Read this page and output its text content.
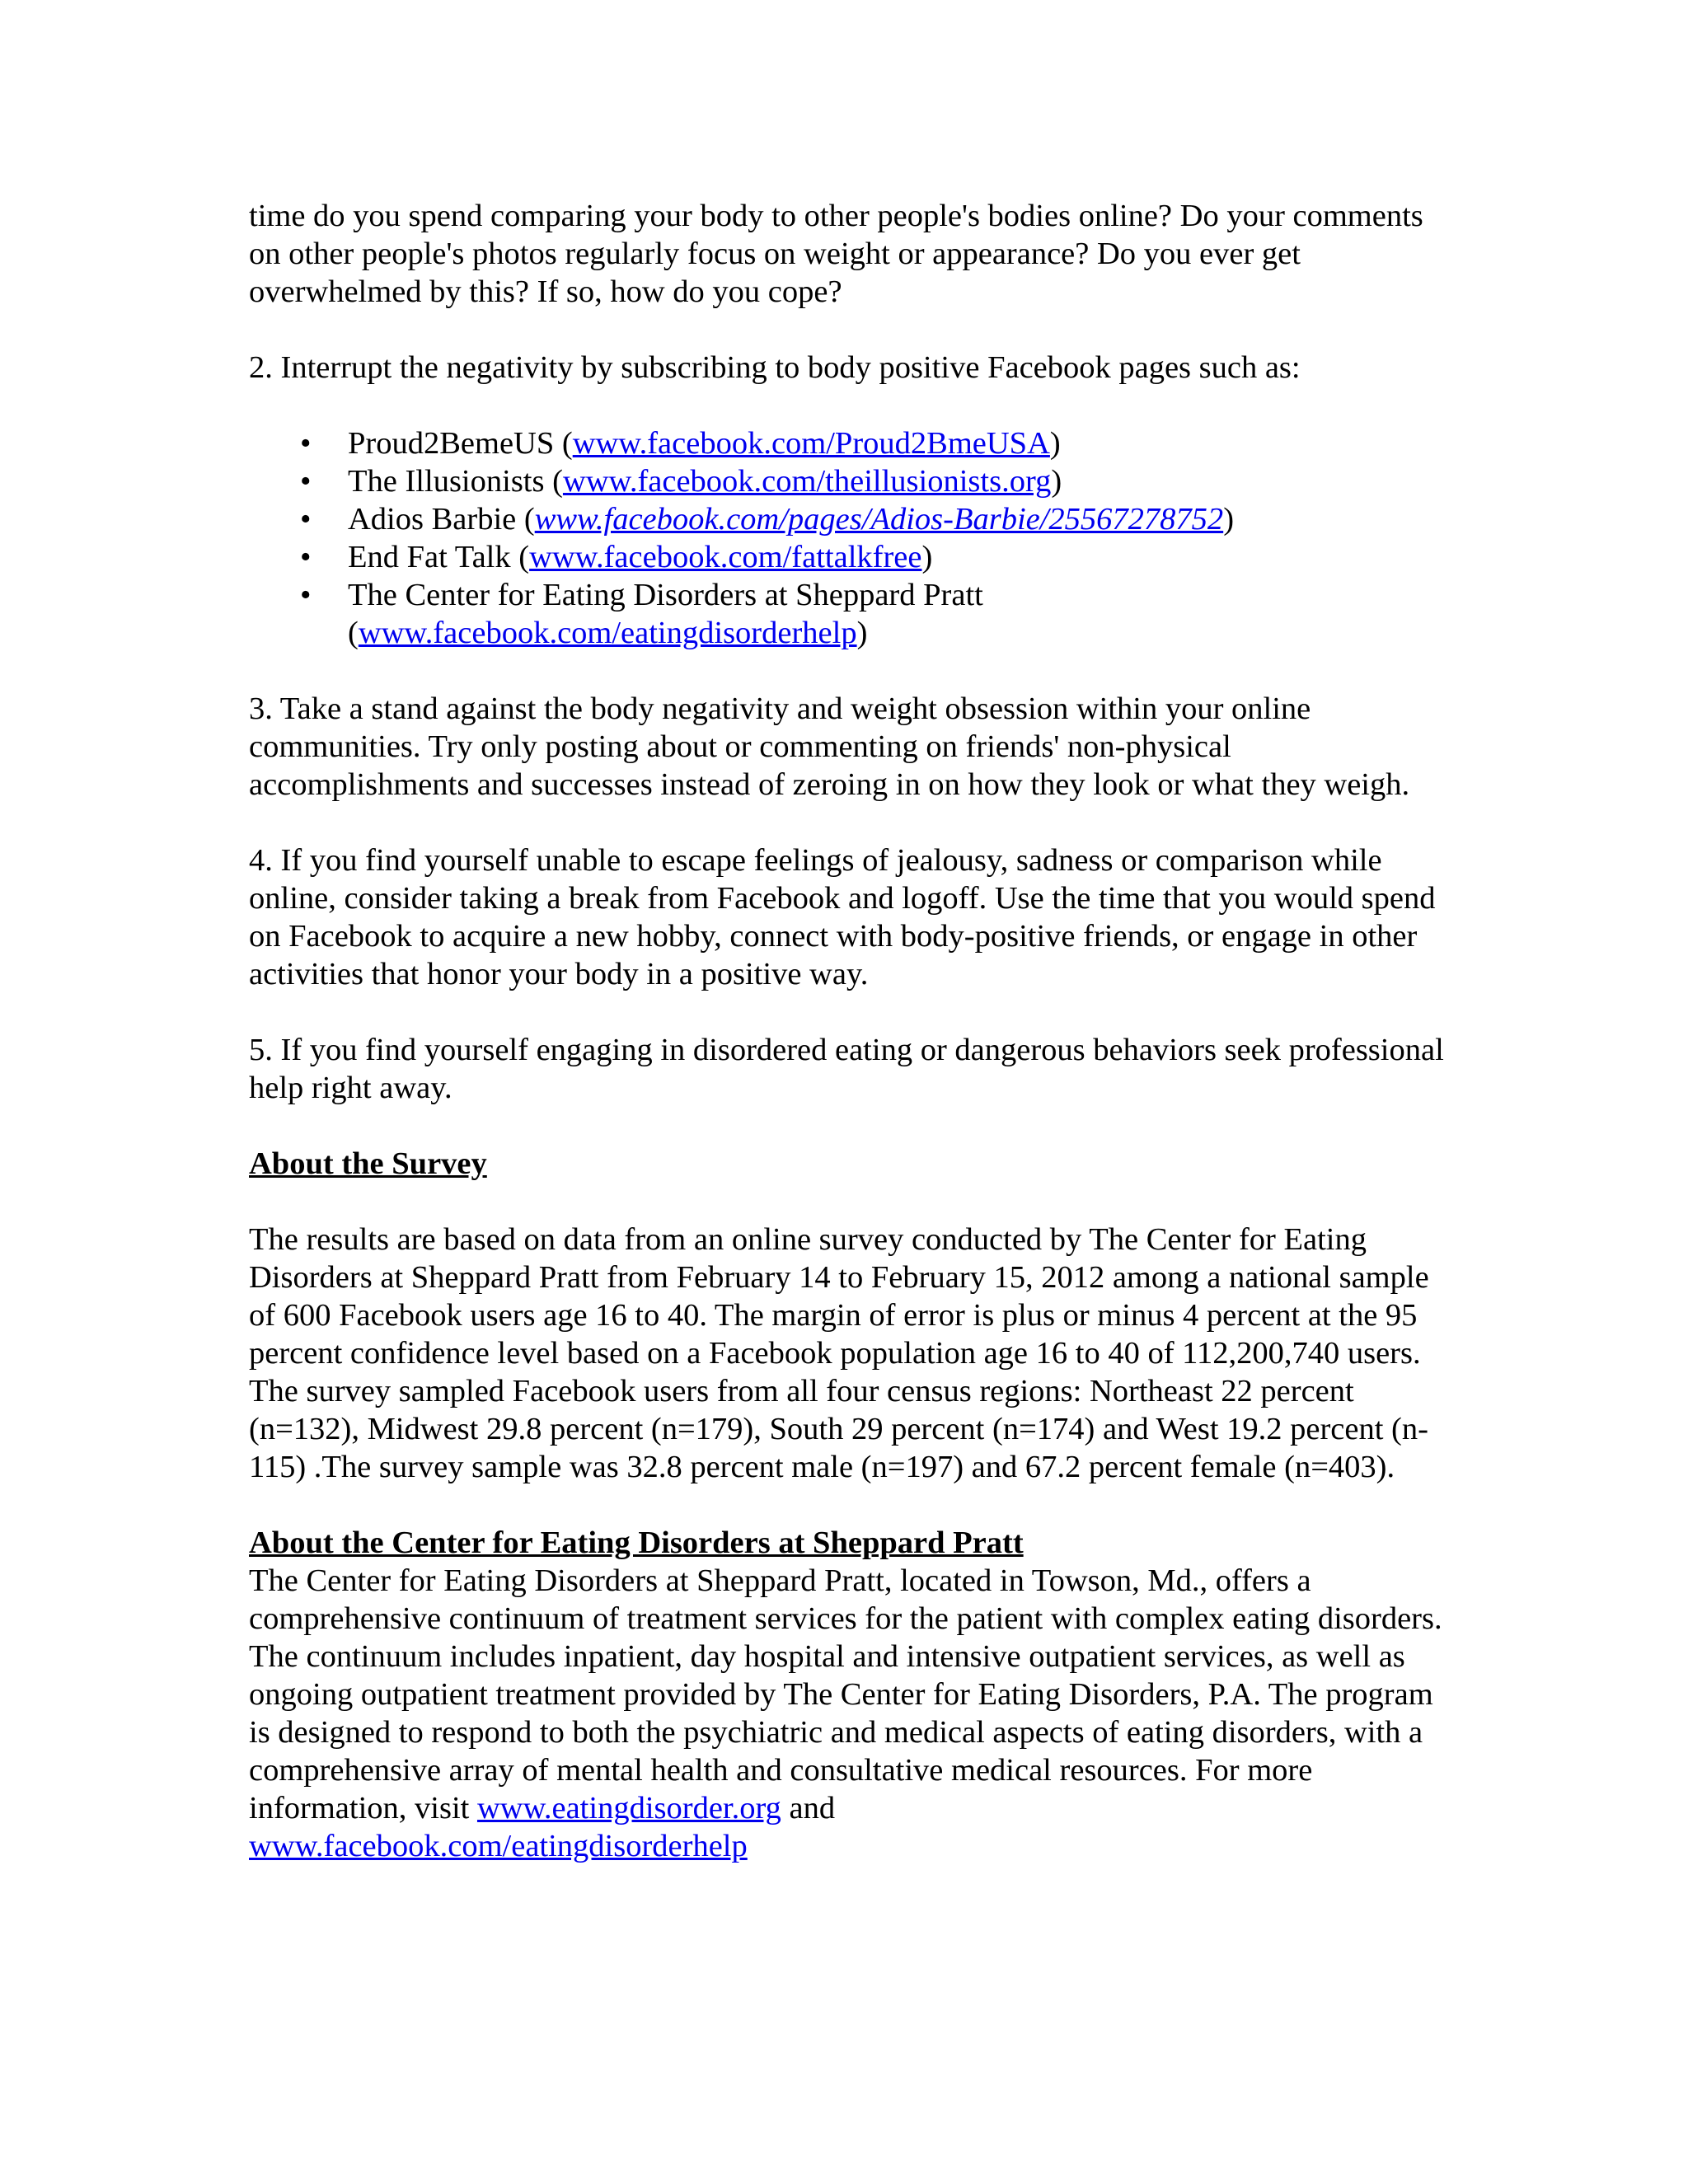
time do you spend comparing your body to other people's bodies online? Do your comments on other people's photos regularly focus on weight or appearance? Do you ever get overwhelmed by this? If so, how do you cope?

2. Interrupt the negativity by subscribing to body positive Facebook pages such as:

• Proud2BemeUS (www.facebook.com/Proud2BmeUSA)
• The Illusionists (www.facebook.com/theillusionists.org)
• Adios Barbie (www.facebook.com/pages/Adios-Barbie/25567278752)
• End Fat Talk (www.facebook.com/fattalkfree)
• The Center for Eating Disorders at Sheppard Pratt (www.facebook.com/eatingdisorderhelp)

3. Take a stand against the body negativity and weight obsession within your online communities. Try only posting about or commenting on friends' non-physical accomplishments and successes instead of zeroing in on how they look or what they weigh.

4. If you find yourself unable to escape feelings of jealousy, sadness or comparison while online, consider taking a break from Facebook and logoff. Use the time that you would spend on Facebook to acquire a new hobby, connect with body-positive friends, or engage in other activities that honor your body in a positive way.

5. If you find yourself engaging in disordered eating or dangerous behaviors seek professional help right away.

About the Survey

The results are based on data from an online survey conducted by The Center for Eating Disorders at Sheppard Pratt from February 14 to February 15, 2012 among a national sample of 600 Facebook users age 16 to 40. The margin of error is plus or minus 4 percent at the 95 percent confidence level based on a Facebook population age 16 to 40 of 112,200,740 users. The survey sampled Facebook users from all four census regions: Northeast 22 percent (n=132), Midwest 29.8 percent (n=179), South 29 percent (n=174) and West 19.2 percent (n-115) .The survey sample was 32.8 percent male (n=197) and 67.2 percent female (n=403).

About the Center for Eating Disorders at Sheppard Pratt

The Center for Eating Disorders at Sheppard Pratt, located in Towson, Md., offers a comprehensive continuum of treatment services for the patient with complex eating disorders. The continuum includes inpatient, day hospital and intensive outpatient services, as well as ongoing outpatient treatment provided by The Center for Eating Disorders, P.A. The program is designed to respond to both the psychiatric and medical aspects of eating disorders, with a comprehensive array of mental health and consultative medical resources. For more information, visit www.eatingdisorder.org and
www.facebook.com/eatingdisorderhelp
